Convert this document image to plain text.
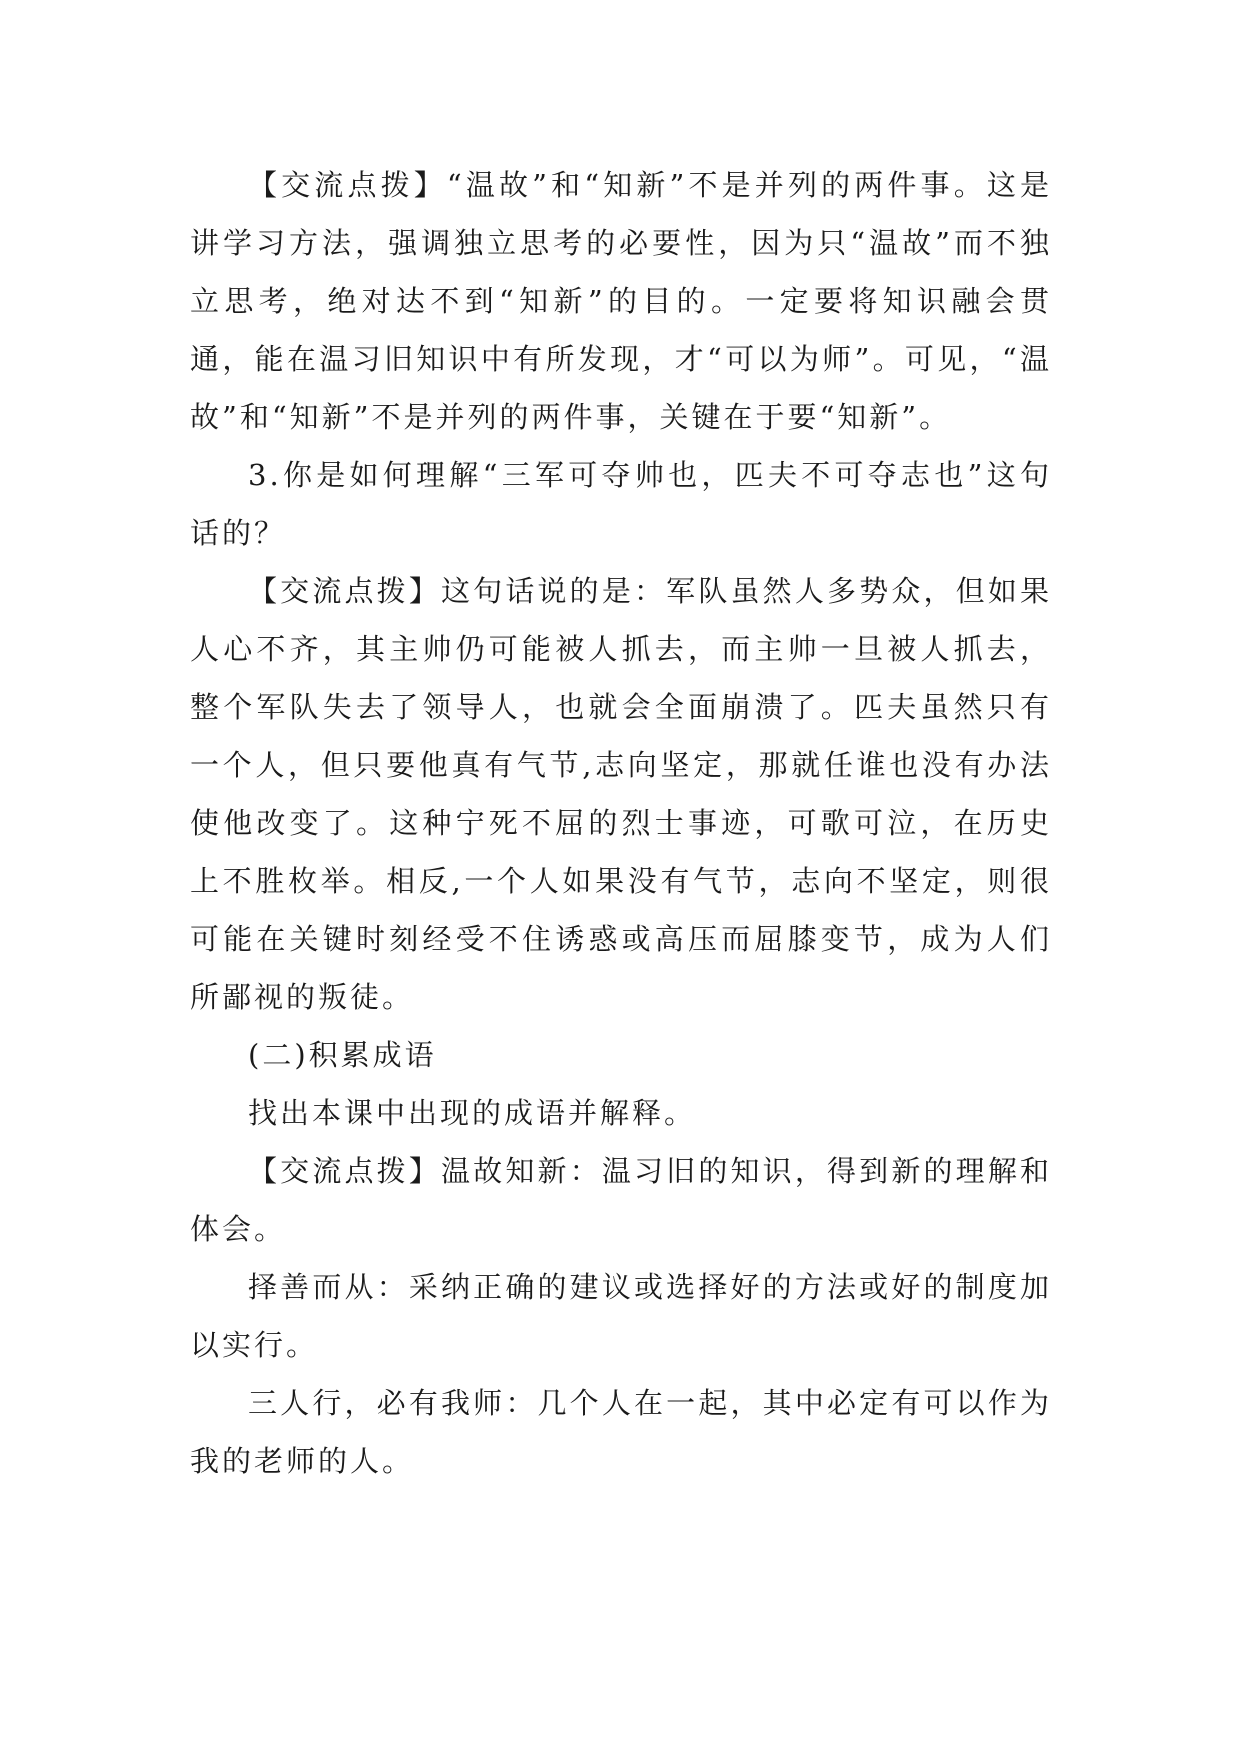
【交流点拨】“温故”和“知新”不是并列的两件事。这是讲学习方法，强调独立思考的必要性，因为只“温故”而不独立思考，绝对达不到“知新”的目的。一定要将知识融会贯通，能在温习旧知识中有所发现，才“可以为师”。可见，“温故”和“知新”不是并列的两件事，关键在于要“知新”。

3.你是如何理解“三军可夺帅也，匹夫不可夺志也”这句话的？

【交流点拨】这句话说的是：军队虽然人多势众，但如果人心不齐，其主帅仍可能被人抓去，而主帅一旦被人抓去，整个军队失去了领导人，也就会全面崩溃了。匹夫虽然只有一个人，但只要他真有气节,志向坚定，那就任谁也没有办法使他改变了。这种宁死不屈的烈士事迹，可歌可泣，在历史上不胜枚举。相反,一个人如果没有气节，志向不坚定，则很可能在关键时刻经受不住诱惑或高压而屈膝变节，成为人们所鄙视的叛徒。

(二)积累成语

找出本课中出现的成语并解释。

【交流点拨】温故知新：温习旧的知识，得到新的理解和体会。

择善而从：采纳正确的建议或选择好的方法或好的制度加以实行。

三人行，必有我师：几个人在一起，其中必定有可以作为我的老师的人。
